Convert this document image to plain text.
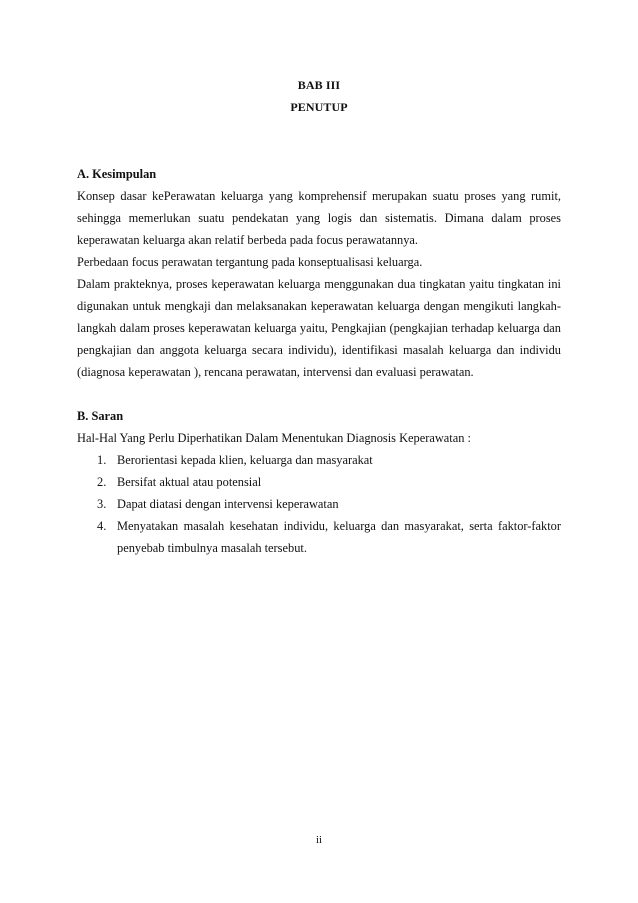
BAB III
PENUTUP

A. Kesimpulan

Konsep dasar kePerawatan keluarga yang komprehensif merupakan suatu proses yang rumit, sehingga memerlukan suatu pendekatan yang logis dan sistematis. Dimana dalam proses keperawatan keluarga akan relatif berbeda pada focus perawatannya.

Perbedaan focus perawatan tergantung pada konseptualisasi keluarga.

Dalam prakteknya, proses keperawatan keluarga menggunakan dua tingkatan yaitu tingkatan ini digunakan untuk mengkaji dan melaksanakan keperawatan keluarga dengan mengikuti langkah-langkah dalam proses keperawatan keluarga yaitu, Pengkajian (pengkajian terhadap keluarga dan pengkajian dan anggota keluarga secara individu), identifikasi masalah keluarga dan individu (diagnosa keperawatan ), rencana perawatan, intervensi dan evaluasi perawatan.

B. Saran

Hal-Hal Yang Perlu Diperhatikan Dalam Menentukan Diagnosis Keperawatan :

1. Berorientasi kepada klien, keluarga dan masyarakat
2. Bersifat aktual atau potensial
3. Dapat diatasi dengan intervensi keperawatan
4. Menyatakan masalah kesehatan individu, keluarga dan masyarakat, serta faktor-faktor penyebab timbulnya masalah tersebut.
ii
